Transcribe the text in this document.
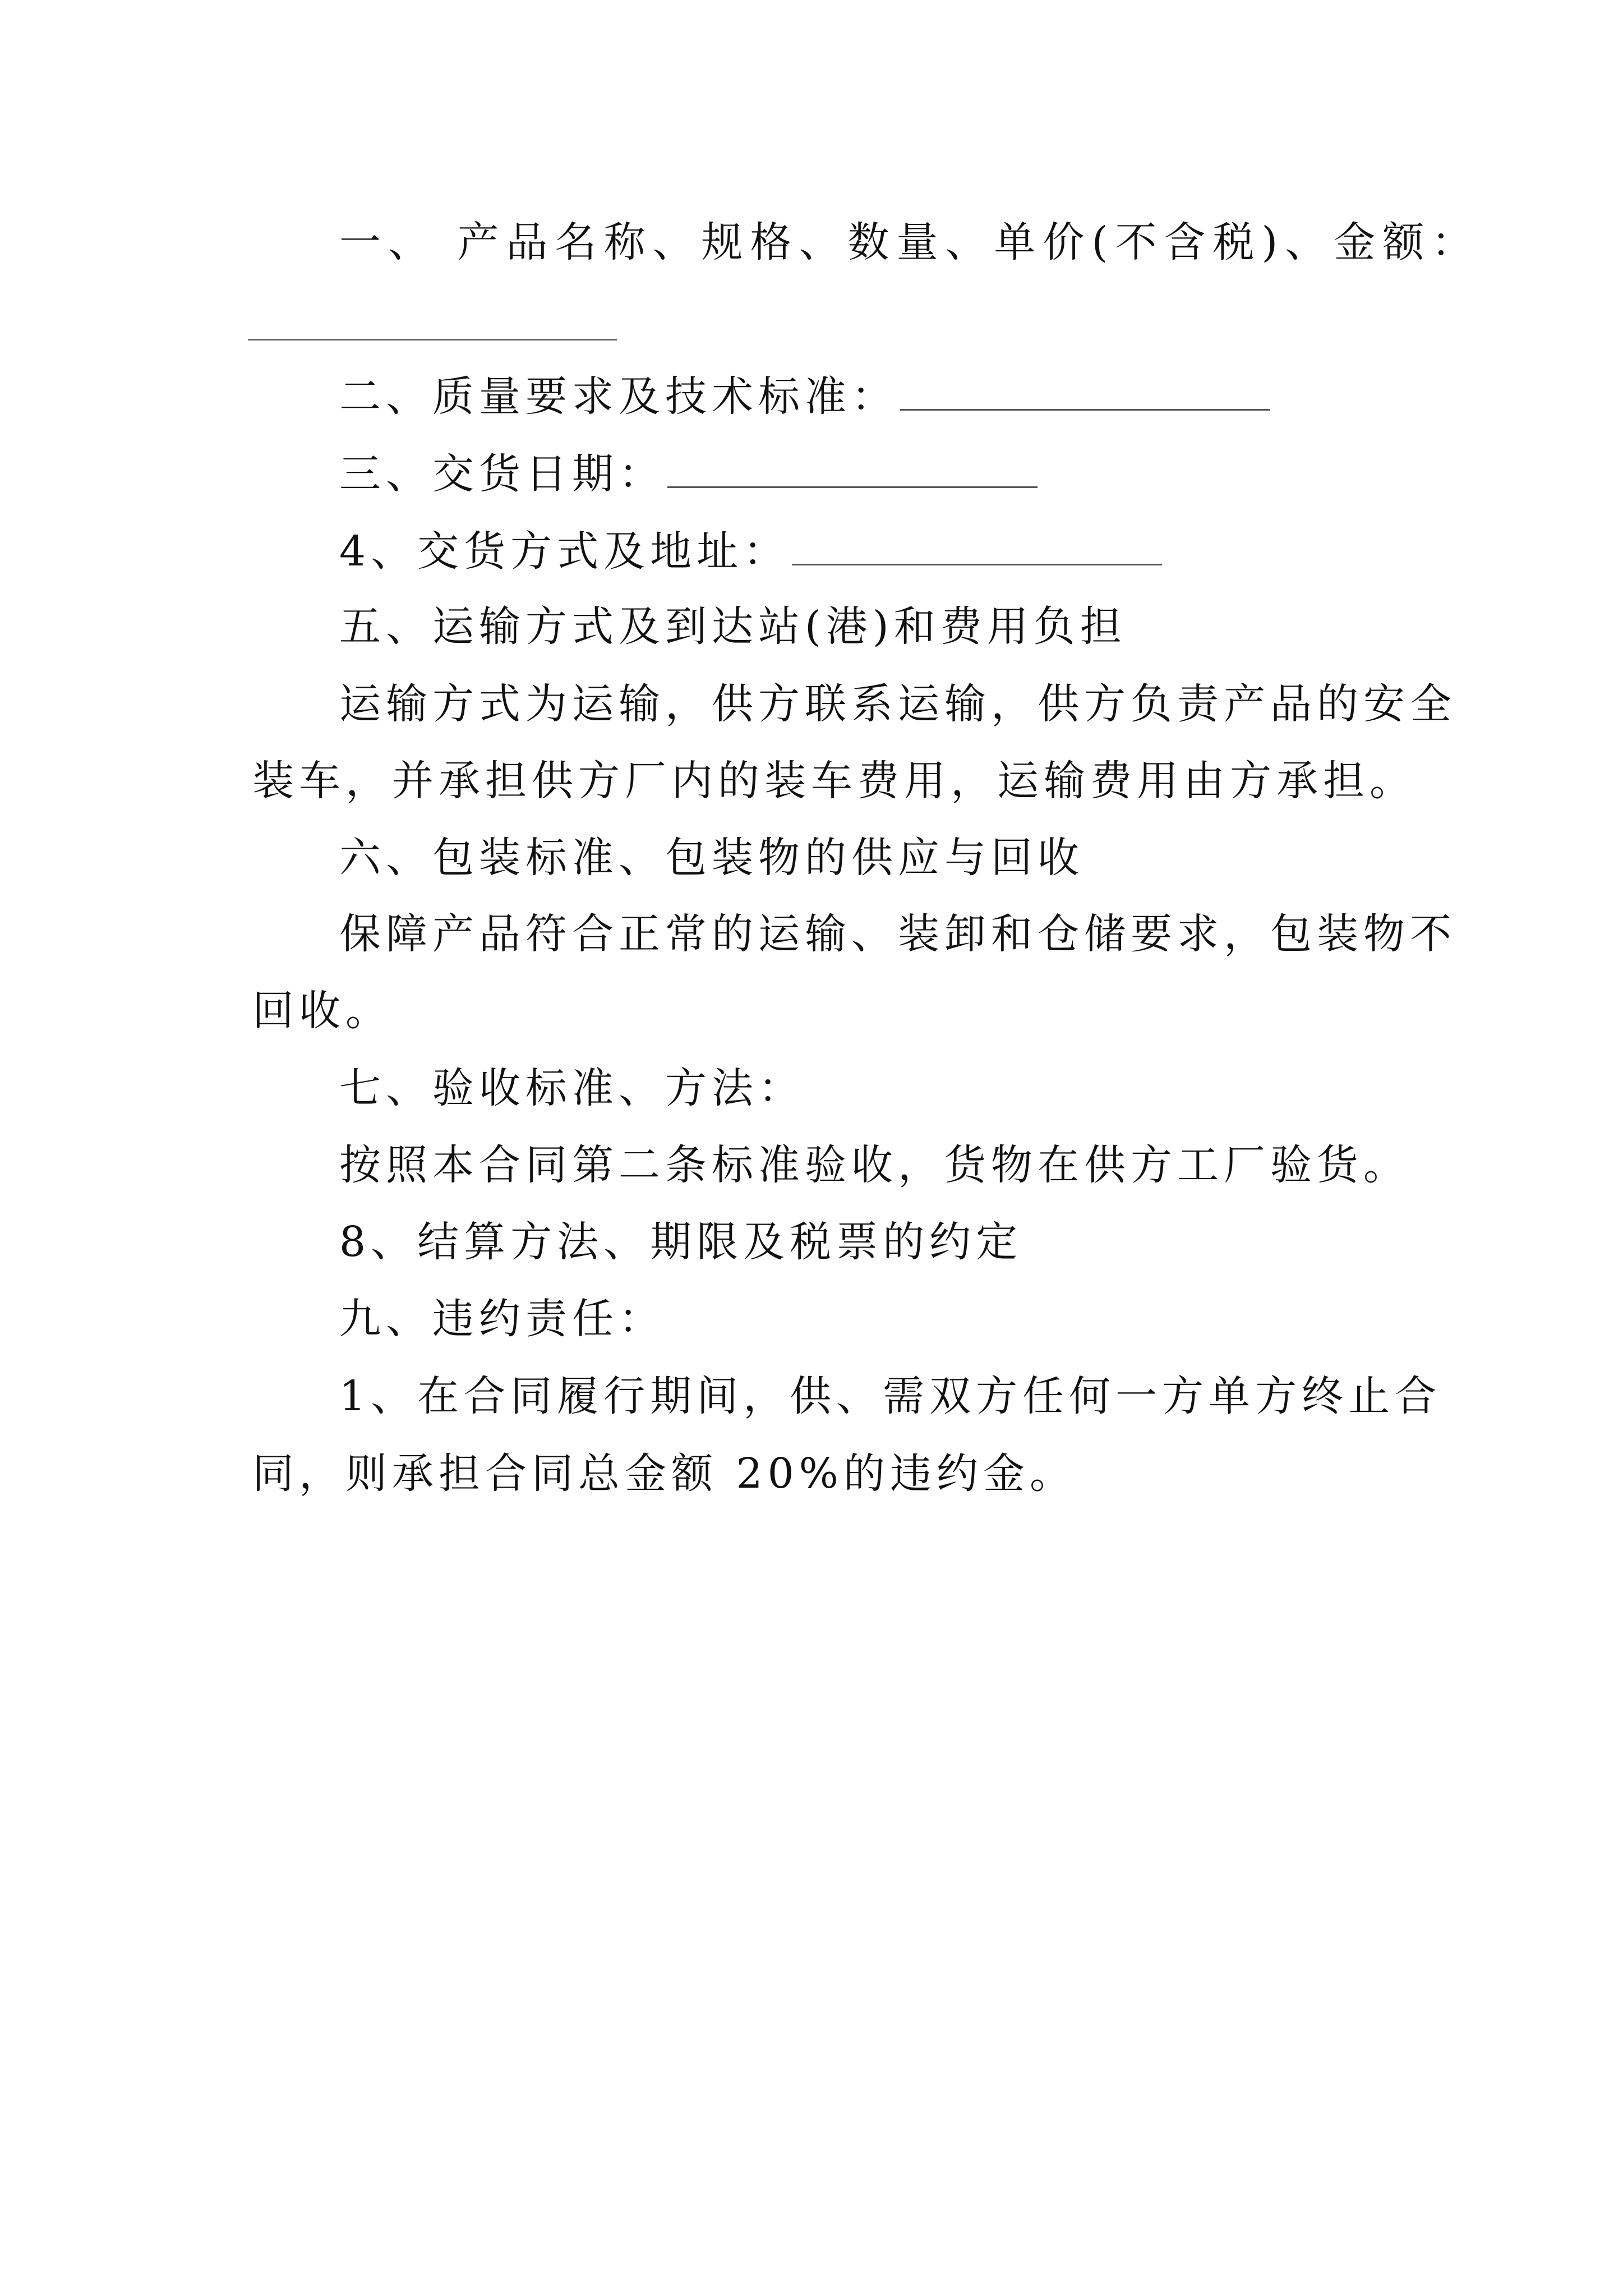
一、 产品名称、规格、数量、单价(不含税)、金额：
二、质量要求及技术标准：
三、交货日期：
4、交货方式及地址：
五、运输方式及到达站(港)和费用负担
运输方式为运输，供方联系运输，供方负责产品的安全
装车，并承担供方厂内的装车费用，运输费用由方承担。
六、包装标准、包装物的供应与回收
保障产品符合正常的运输、装卸和仓储要求，包装物不
回收。
七、验收标准、方法：
按照本合同第二条标准验收，货物在供方工厂验货。
8、结算方法、期限及税票的约定
九、违约责任：
1、在合同履行期间，供、需双方任何一方单方终止合
同，则承担合同总金额 20%的违约金。
